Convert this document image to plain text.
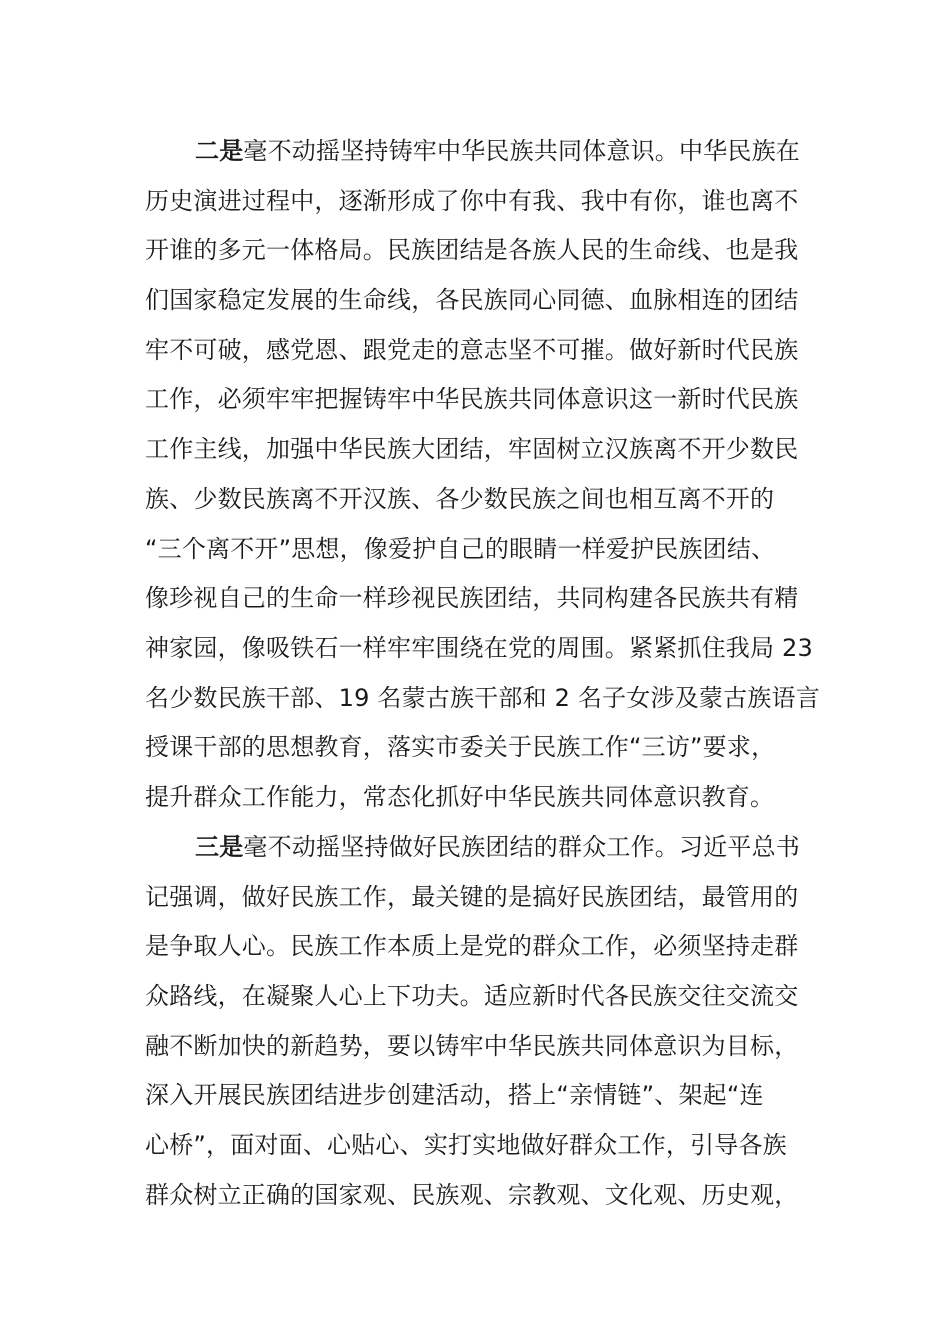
二是毫不动摇坚持铸牢中华民族共同体意识。中华民族在
历史演进过程中，逐渐形成了你中有我、我中有你，谁也离不
开谁的多元一体格局。民族团结是各族人民的生命线、也是我
们国家稳定发展的生命线，各民族同心同德、血脉相连的团结
牢不可破，感党恩、跟党走的意志坚不可摧。做好新时代民族
工作，必须牢牢把握铸牢中华民族共同体意识这一新时代民族
工作主线，加强中华民族大团结，牢固树立汉族离不开少数民
族、少数民族离不开汉族、各少数民族之间也相互离不开的
“三个离不开”思想，像爱护自己的眼睛一样爱护民族团结、
像珍视自己的生命一样珍视民族团结，共同构建各民族共有精
神家园，像吸铁石一样牢牢围绕在党的周围。紧紧抓住我局 23
名少数民族干部、19 名蒙古族干部和 2 名子女涉及蒙古族语言
授课干部的思想教育，落实市委关于民族工作“三访”要求，
提升群众工作能力，常态化抓好中华民族共同体意识教育。
三是毫不动摇坚持做好民族团结的群众工作。习近平总书
记强调，做好民族工作，最关键的是搞好民族团结，最管用的
是争取人心。民族工作本质上是党的群众工作，必须坚持走群
众路线，在凝聚人心上下功夫。适应新时代各民族交往交流交
融不断加快的新趋势，要以铸牢中华民族共同体意识为目标，
深入开展民族团结进步创建活动，搭上“亲情链”、架起“连
心桥”，面对面、心贴心、实打实地做好群众工作，引导各族
群众树立正确的国家观、民族观、宗教观、文化观、历史观，
